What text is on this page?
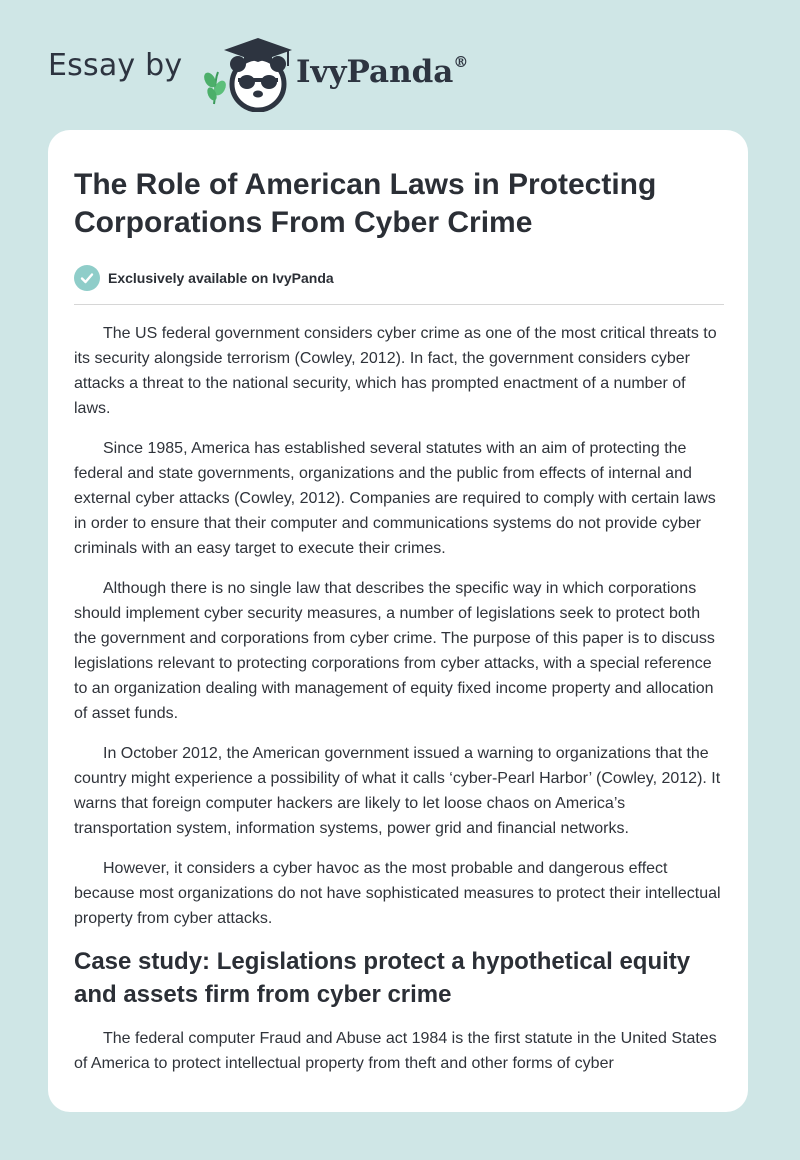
Essay by	IvyPanda®
The Role of American Laws in Protecting Corporations From Cyber Crime
Exclusively available on IvyPanda

The US federal government considers cyber crime as one of the most critical threats to its security alongside terrorism (Cowley, 2012). In fact, the government considers cyber attacks a threat to the national security, which has prompted enactment of a number of laws.

Since 1985, America has established several statutes with an aim of protecting the federal and state governments, organizations and the public from effects of internal and external cyber attacks (Cowley, 2012). Companies are required to comply with certain laws in order to ensure that their computer and communications systems do not provide cyber criminals with an easy target to execute their crimes.

Although there is no single law that describes the specific way in which corporations should implement cyber security measures, a number of legislations seek to protect both the government and corporations from cyber crime. The purpose of this paper is to discuss legislations relevant to protecting corporations from cyber attacks, with a special reference to an organization dealing with management of equity fixed income property and allocation of asset funds.

In October 2012, the American government issued a warning to organizations that the country might experience a possibility of what it calls ‘cyber-Pearl Harbor’ (Cowley, 2012). It warns that foreign computer hackers are likely to let loose chaos on America’s transportation system, information systems, power grid and financial networks.

However, it considers a cyber havoc as the most probable and dangerous effect because most organizations do not have sophisticated measures to protect their intellectual property from cyber attacks.

Case study: Legislations protect a hypothetical equity and assets firm from cyber crime

The federal computer Fraud and Abuse act 1984 is the first statute in the United States of America to protect intellectual property from theft and other forms of cyber
